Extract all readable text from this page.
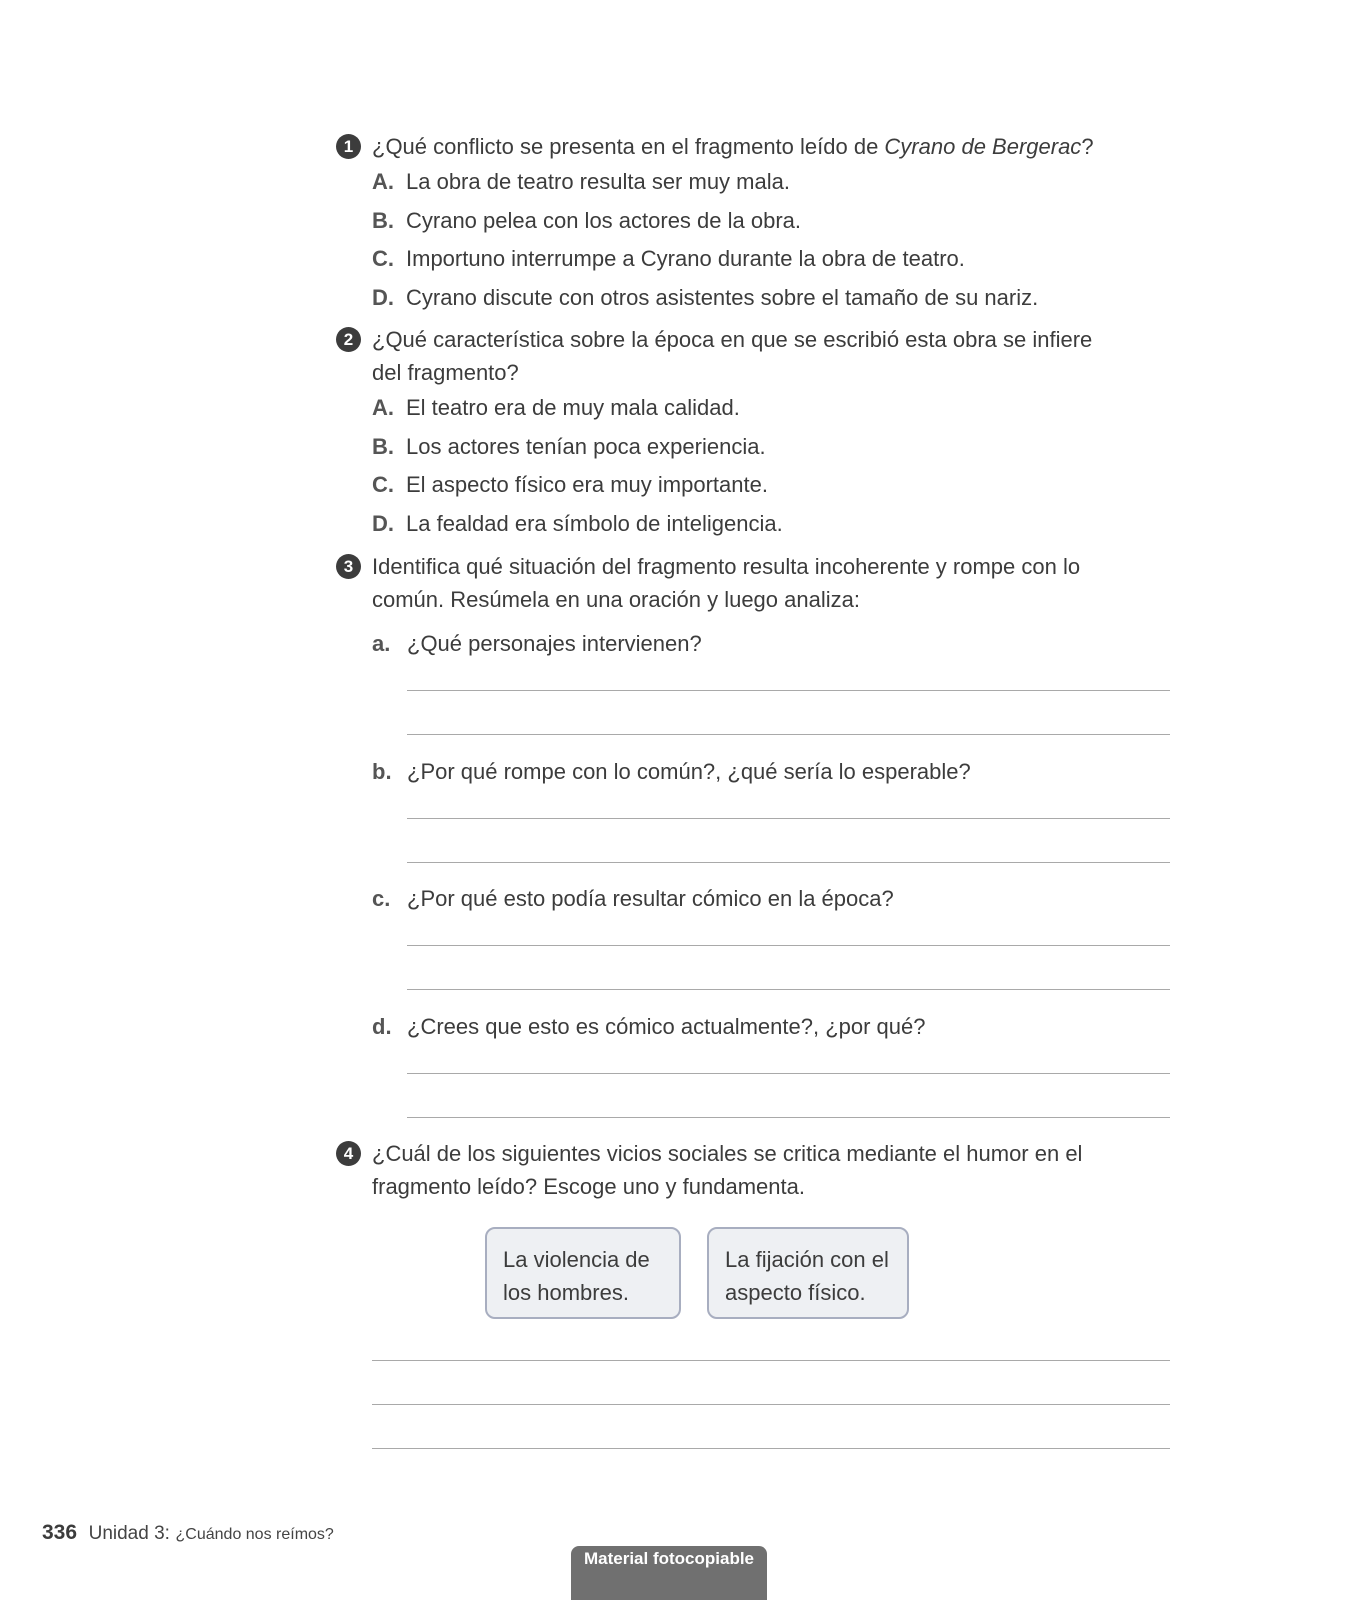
1 ¿Qué conflicto se presenta en el fragmento leído de Cyrano de Bergerac?
A. La obra de teatro resulta ser muy mala.
B. Cyrano pelea con los actores de la obra.
C. Importuno interrumpe a Cyrano durante la obra de teatro.
D. Cyrano discute con otros asistentes sobre el tamaño de su nariz.
2 ¿Qué característica sobre la época en que se escribió esta obra se infiere
del fragmento?
A. El teatro era de muy mala calidad.
B. Los actores tenían poca experiencia.
C. El aspecto físico era muy importante.
D. La fealdad era símbolo de inteligencia.
3 Identifica qué situación del fragmento resulta incoherente y rompe con lo
común. Resúmela en una oración y luego analiza:
a. ¿Qué personajes intervienen?
b. ¿Por qué rompe con lo común?, ¿qué sería lo esperable?
c. ¿Por qué esto podía resultar cómico en la época?
d. ¿Crees que esto es cómico actualmente?, ¿por qué?
4 ¿Cuál de los siguientes vicios sociales se critica mediante el humor en el
fragmento leído? Escoge uno y fundamenta.
La violencia de
los hombres.
La fijación con el
aspecto físico.
336 Unidad 3: ¿Cuándo nos reímos?
Material fotocopiable
